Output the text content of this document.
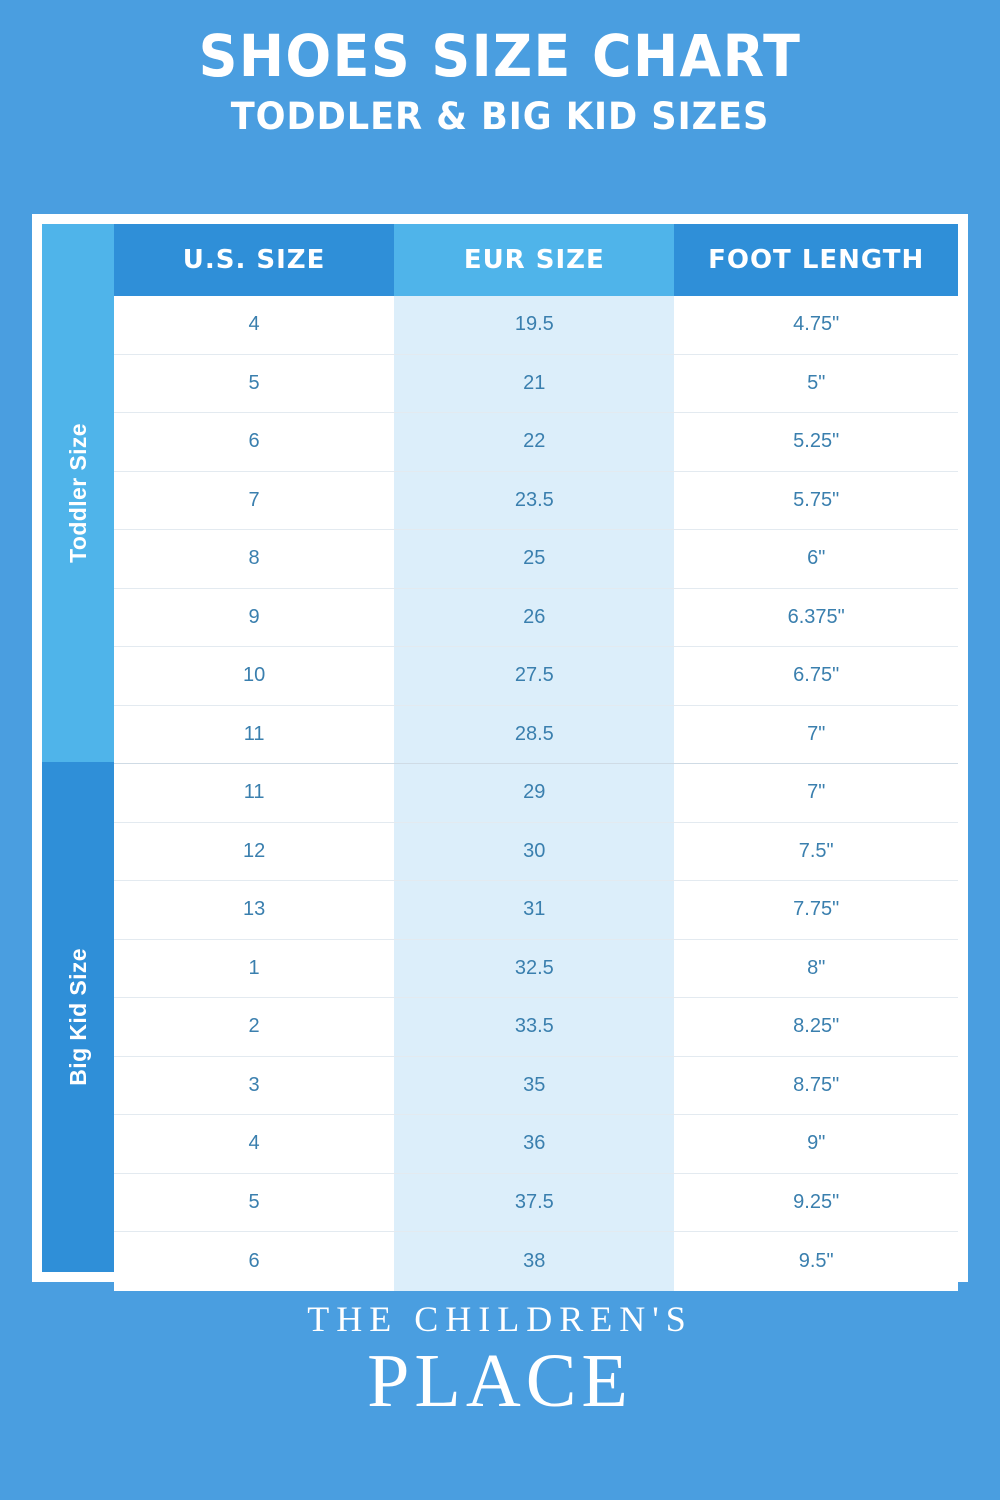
SHOES SIZE CHART
TODDLER & BIG KID SIZES
Toddler Size
Big Kid Size
U.S. SIZE	EUR SIZE	FOOT LENGTH
4	19.5	4.75"
5	21	5"
6	22	5.25"
7	23.5	5.75"
8	25	6"
9	26	6.375"
10	27.5	6.75"
11	28.5	7"
11	29	7"
12	30	7.5"
13	31	7.75"
1	32.5	8"
2	33.5	8.25"
3	35	8.75"
4	36	9"
5	37.5	9.25"
6	38	9.5"
THE CHILDREN'S
PLACE
